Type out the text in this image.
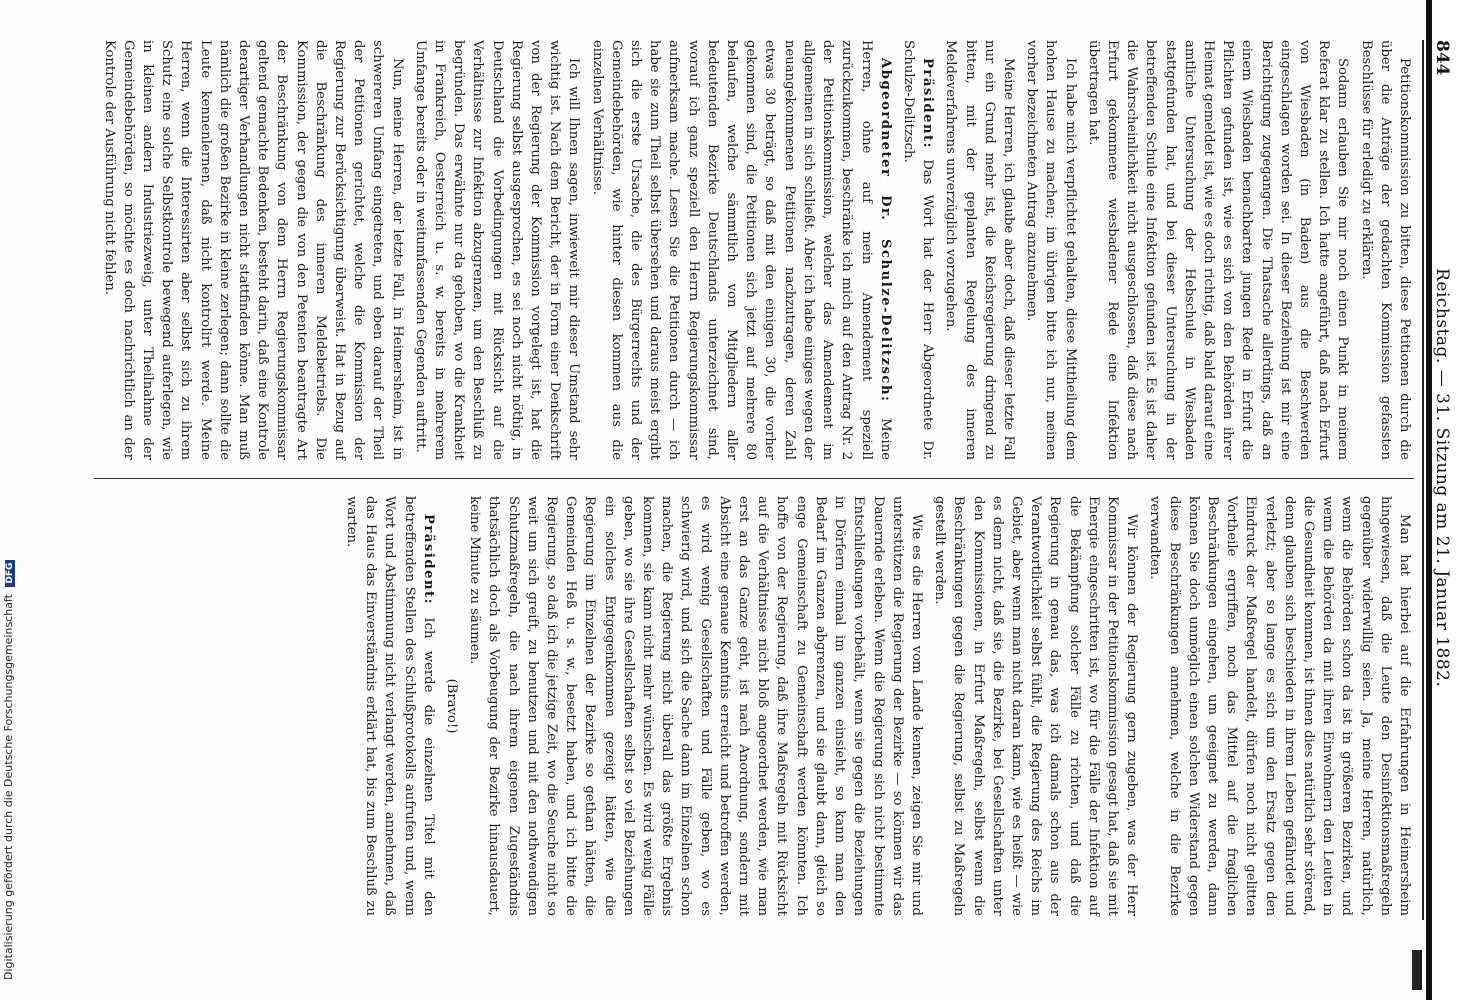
Digitalisierung gefördert durch die Deutsche Forschungsgemeinschaft DFG
844
Reichstag. — 31. Sitzung am 21. Januar 1882.

Petitionskommission zu bitten, diese Petitionen durch die über die Anträge der gedachten Kommission gefassten Beschlüsse für erledigt zu erklären.

Sodann erlauben Sie mir noch einen Punkt in meinem Referat klar zu stellen. Ich hatte angeführt, daß nach Erfurt von Wiesbaden (in Baden) aus die Beschwerden eingeschlagen worden sei. In dieser Beziehung ist mir eine Berichtigung zugegangen. Die Thatsache allerdings, daß an einem Wiesbaden benachbarten jungen Rede in Erfurt die Pflichten gefunden ist, wie es sich von den Behörden ihrer Heimat gemeldet ist, wie es doch richtig, daß bald darauf eine amtliche Untersuchung der Hebschule in Wiesbaden stattgefunden hat, und bei dieser Untersuchung in der betreffenden Schule eine Infektion gefunden ist. Es ist daher die Wahrscheinlichkeit nicht ausgeschlossen, daß diese nach Erfurt gekommene wiesbadener Rede eine Infektion übertragen hat.

Ich habe mich verpflichtet gehalten, diese Mittheilung dem hohen Hause zu machen; im übrigen bitte ich nur, meinen vorher bezeichneten Antrag anzunehmen.

Meine Herren, ich glaube aber doch, daß dieser letzte Fall nur ein Grund mehr ist, die Reichsregierung dringend zu bitten, mit der geplanten Regelung des inneren Meldeverfahrens unverzüglich vorzugehen.

Präsident: Das Wort hat der Herr Abgeordnete Dr. Schulze-Delitzsch.

Abgeordneter Dr. Schulze-Delitzsch: Meine Herren, ohne auf mein Amendement speziell zurückzukommen, beschränke ich mich auf den Antrag Nr. 2 der Petitionskommission, welcher das Amendement im allgemeinen in sich schließt. Aber ich habe einiges wegen der neuangekommenen Petitionen nachzutragen, deren Zahl etwas 30 beträgt, so daß mit den einigen 30, die vorher gekommen sind, die Petitionen sich jetzt auf mehrere 80 belaufen, welche sämmtlich von Mitgliedern aller bedeutenden Bezirke Deutschlands unterzeichnet sind, worauf ich ganz speziell den Herrn Regierungskommissar aufmerksam mache. Lesen Sie die Petitionen durch — ich habe sie zum Theil selbst übersehen und daraus meist ergibt sich die erste Ursache, die des Bürgerrechts und der Gemeindebehörden, wie hinter diesen kommen aus die einzelnen Verhältnisse.

Ich will Ihnen sagen, inwieweit mir dieser Umstand sehr wichtig ist. Nach dem Bericht, der in Form einer Denkschrift von der Regierung der Kommission vorgelegt ist, hat die Regierung selbst ausgesprochen, es sei noch nicht nöthig, in Deutschland die Vorbedingungen mit Rücksicht auf die Verhältnisse zur Infektion abzugrenzen, um den Beschluß zu begründen. Das erwähnte nur da gehoben, wo die Krankheit in Frankreich, Oesterreich u. s. w. bereits in mehrerem Umfange bereits oder in weitumfassenden Gegenden auftritt.

Nun, meine Herren, der letzte Fall, in Heimersheim, ist in schwereren Umfang eingetreten, und eben darauf der Theil der Petitionen gerichtet, welche die Kommission der Regierung zur Berücksichtigung überweist. Hat in Bezug auf die Beschränkung des inneren Meldebetriebs. Die Kommission, der gegen die von den Petenten beantragte Art der Beschränkung von dem Herrn Regierungskommissar geltend gemachte Bedenken, besteht darin, daß eine Kontrole derartiger Verhandlungen nicht stattfinden könne. Man muß nämlich die großen Bezirke in kleine zerlegen; dann sollte die Leute kennenlernen, daß nicht kontrolirt werde. Meine Herren, wenn die Interessirten aber selbst sich zu ihrem Schutz eine solche Selbstkontrole bewegend auferlegen, wie in kleinen andern Industriezweig, unter Theilnahme der Gemeindebehörden, so möchte es doch nachrichtlich an der Kontrole der Ausführung nicht fehlen.

Man hat hierbei auf die Erfahrungen in Heimersheim hingewiesen, daß die Leute den Desinfektionsmaßregeln gegenüber widerwillig seien. Ja, meine Herren, natürlich, wenn die Behörden schon da ist in größeren Bezirken, und wenn die Behörden da mit ihren Einwohnern den Leuten in die Gesundheit kommen, ist ihnen dies natürlich sehr störend, denn glauben sich beschieden in ihrem Leben gefährdet und verletzt; aber so lange es sich um den Ersatz gegen den Eindruck der Maßregel handelt, dürfen noch nicht gelitten Vortheile ergriffen, noch das Mittel auf die fraglichen Beschränkungen eingehen, um geeignet zu werden, dann können Sie doch unmöglich einen solchen Widerstand gegen diese Beschränkungen annehmen, welche in die Bezirke verwandten.

Wir können der Regierung gern zugeben, was der Herr Kommissar in der Petitionskommission gesagt hat, daß sie mit Energie eingeschritten ist, wo für die Fälle der Infektion auf die Bekämpfung solcher Fälle zu richten, und daß die Regierung in genau das, was ich damals schon aus der Verantwortlichkeit selbst fühlt, die Regierung des Reichs im Gebiet, aber wenn man nicht daran kann, wie es heißt — wie es denn nicht, daß sie, die Bezirke, bei Gesellschaften unter den Kommissionen, in Erfurt Maßregeln, selbst wenn die Beschränkungen gegen die Regierung, selbst zu Maßregeln gestellt werden.

Wie es die Herren vom Lande kennen, zeigen Sie mir und unterstützen die Regierung der Bezirke — so können wir das Dauernde erleben. Wenn die Regierung sich nicht bestimmte Entschließungen vorbehält, wenn sie gegen die Beziehungen in Dörfern einmal im ganzen einsieht, so kann man den Bedarf im Ganzen abgrenzen, und sie glaubt dann, gleich so enge Gemeinschaft zu Gemeinschaft werden könnten. Ich hoffe von der Regierung, daß ihre Maßregeln mit Rücksicht auf die Verhältnisse nicht bloß angeordnet werden, wie man erst an das Ganze geht, ist nach Anordnung, sondern mit Absicht eine genaue Kenntnis erreicht und betroffen werden, es wird wenig Gesellschaften und Fälle geben, wo es schwierig wird, und sich die Sache dann im Einzelnen schon machen, die Regierung nicht überall das größte Ergebnis kommen, sie kann nicht mehr wünschen. Es wird wenig Fälle geben, wo sie ihre Gesellschaften selbst so viel Beziehungen ein solches Entgegenkommen gezeigt hätten, wie die Regierung im Einzelnen der Bezirke so gethan hätten, die Gemeinden Heß u. s. w., besetzt haben, und ich bitte die Regierung, so daß ich die jetzige Zeit, wo die Seuche nicht so weit um sich greift, zu benutzen und mit den nothwendigen Schutzmaßregeln, die nach ihrem eigenen Zugeständnis thatsächlich doch als Vorbeugung der Bezirke hinausdauert, keine Minute zu säumen.

(Bravo!)

Präsident: Ich werde die einzelnen Titel mit den betreffenden Stellen des Schlußprotokolls aufrufen und, wenn Wort und Abstimmung nicht verlangt werden, annehmen, daß das Haus das Einverständnis erklärt hat, bis zum Beschluß zu warten.
